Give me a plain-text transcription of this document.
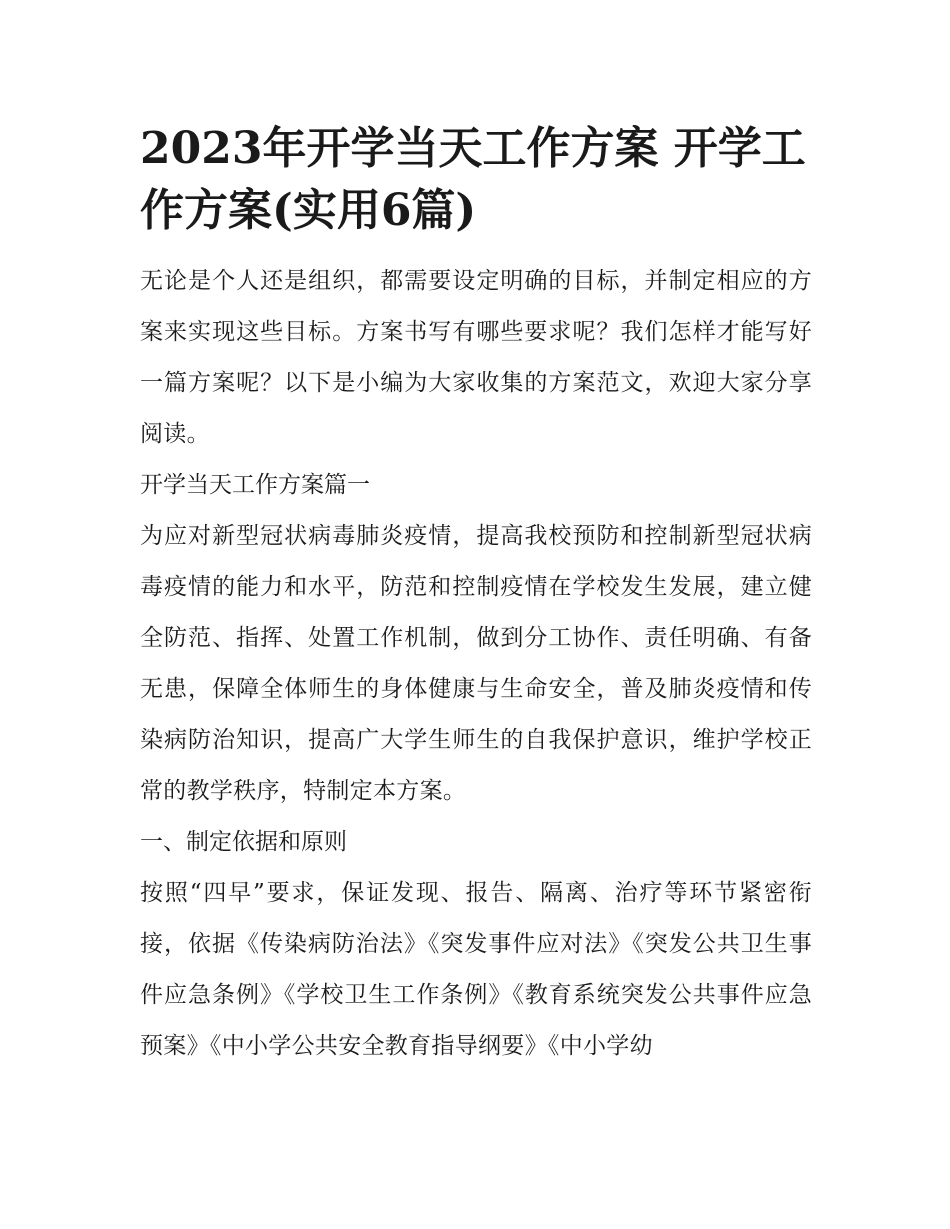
2023年开学当天工作方案 开学工作方案(实用6篇)

无论是个人还是组织，都需要设定明确的目标，并制定相应的方案来实现这些目标。方案书写有哪些要求呢？我们怎样才能写好一篇方案呢？以下是小编为大家收集的方案范文，欢迎大家分享阅读。

开学当天工作方案篇一

为应对新型冠状病毒肺炎疫情，提高我校预防和控制新型冠状病毒疫情的能力和水平，防范和控制疫情在学校发生发展，建立健全防范、指挥、处置工作机制，做到分工协作、责任明确、有备无患，保障全体师生的身体健康与生命安全，普及肺炎疫情和传染病防治知识，提高广大学生师生的自我保护意识，维护学校正常的教学秩序，特制定本方案。

一、制定依据和原则

按照“四早”要求，保证发现、报告、隔离、治疗等环节紧密衔接，依据《传染病防治法》《突发事件应对法》《突发公共卫生事件应急条例》《学校卫生工作条例》《教育系统突发公共事件应急预案》《中小学公共安全教育指导纲要》《中小学幼
